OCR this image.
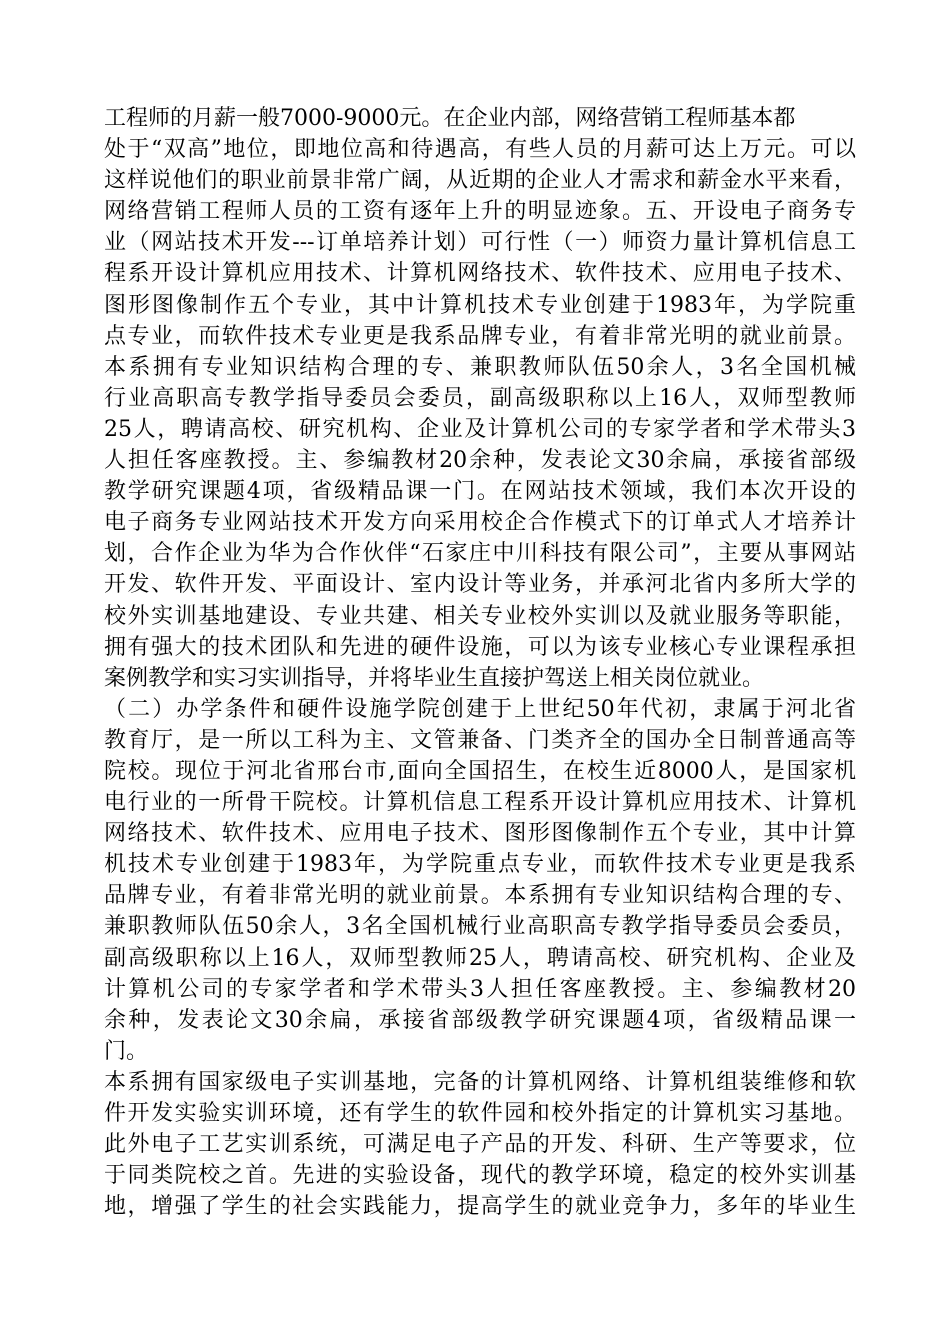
工程师的月薪一般7000-9000元。在企业内部，网络营销工程师基本都
处于“双高”地位，即地位高和待遇高，有些人员的月薪可达上万元。可以
这样说他们的职业前景非常广阔，从近期的企业人才需求和薪金水平来看，
网络营销工程师人员的工资有逐年上升的明显迹象。五、开设电子商务专
业（网站技术开发---订单培养计划）可行性（一）师资力量计算机信息工
程系开设计算机应用技术、计算机网络技术、软件技术、应用电子技术、
图形图像制作五个专业，其中计算机技术专业创建于1983年，为学院重
点专业，而软件技术专业更是我系品牌专业，有着非常光明的就业前景。
本系拥有专业知识结构合理的专、兼职教师队伍50余人，3名全国机械
行业高职高专教学指导委员会委员，副高级职称以上16人，双师型教师
25人，聘请高校、研究机构、企业及计算机公司的专家学者和学术带头3
人担任客座教授。主、参编教材20余种，发表论文30余扁，承接省部级
教学研究课题4项，省级精品课一门。在网站技术领域，我们本次开设的
电子商务专业网站技术开发方向采用校企合作模式下的订单式人才培养计
划，合作企业为华为合作伙伴“石家庄中川科技有限公司”，主要从事网站
开发、软件开发、平面设计、室内设计等业务，并承河北省内多所大学的
校外实训基地建设、专业共建、相关专业校外实训以及就业服务等职能，
拥有强大的技术团队和先进的硬件设施，可以为该专业核心专业课程承担
案例教学和实习实训指导，并将毕业生直接护驾送上相关岗位就业。
（二）办学条件和硬件设施学院创建于上世纪50年代初，隶属于河北省
教育厅，是一所以工科为主、文管兼备、门类齐全的国办全日制普通高等
院校。现位于河北省邢台市,面向全国招生，在校生近8000人，是国家机
电行业的一所骨干院校。计算机信息工程系开设计算机应用技术、计算机
网络技术、软件技术、应用电子技术、图形图像制作五个专业，其中计算
机技术专业创建于1983年，为学院重点专业，而软件技术专业更是我系
品牌专业，有着非常光明的就业前景。本系拥有专业知识结构合理的专、
兼职教师队伍50余人，3名全国机械行业高职高专教学指导委员会委员，
副高级职称以上16人，双师型教师25人，聘请高校、研究机构、企业及
计算机公司的专家学者和学术带头3人担任客座教授。主、参编教材20
余种，发表论文30余扁，承接省部级教学研究课题4项，省级精品课一
门。
本系拥有国家级电子实训基地，完备的计算机网络、计算机组装维修和软
件开发实验实训环境，还有学生的软件园和校外指定的计算机实习基地。
此外电子工艺实训系统，可满足电子产品的开发、科研、生产等要求，位
于同类院校之首。先进的实验设备，现代的教学环境，稳定的校外实训基
地，增强了学生的社会实践能力，提高学生的就业竞争力，多年的毕业生
